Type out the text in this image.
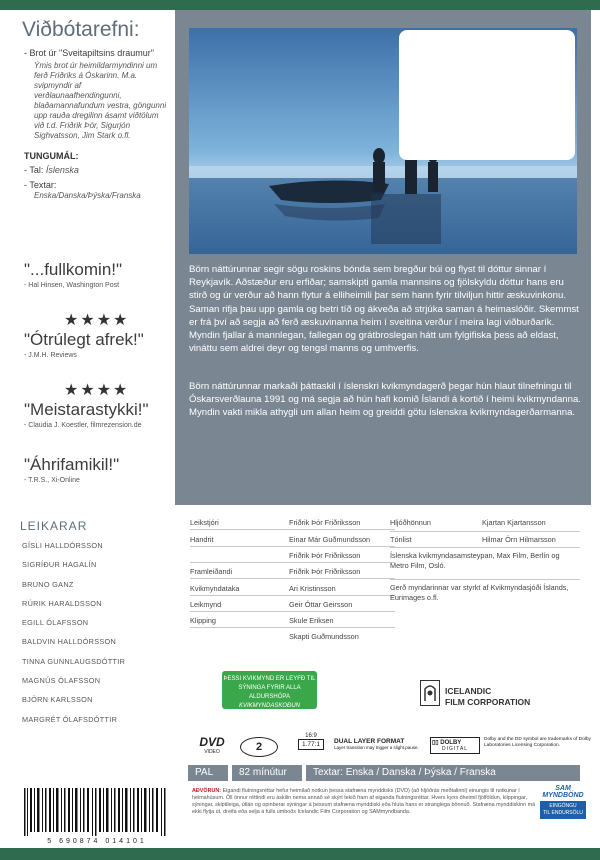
Viðbótarefni:
- Brot úr "Sveitapiltsins draumur"
Ýmis brot úr heimildarmyndinni um ferð Friðriks á Óskarinn. M.a. svipmyndir af verðlaunaafhendingunni, blaðamannafundum vestra, göngunni upp rauða dregilinn ásamt viðtölum við t.d. Friðrik Þór, Sigurjón Sighvatsson, Jim Stark o.fl.
TUNGUMÁL:
- Tal: Íslenska
- Textar:
Enska/Danska/Þýska/Franska
"...fullkomin!"
- Hal Hinsen, Washington Post
★★★★
"Ótrúlegt afrek!"
- J.M.H. Reviews
★★★★
"Meistarastykki!"
- Claudia J. Koestler, filmrezension.de
"Áhrifamikil!"
- T.R.S., Xi-Online
Börn náttúrunnar segir sögu roskins bónda sem bregður búi og flyst til dóttur sinnar í Reykjavík. Aðstæður eru erfiðar; samskipti gamla mannsins og fjölskyldu dóttur hans eru stirð og úr verður að hann flytur á elliheimili þar sem hann fyrir tilviljun hittir æskuvinkonu. Saman rifja þau upp gamla og betri tíð og ákveða að strjúka saman á heimaslóðir. Skemmst er frá því að segja að ferð æskuvinanna heim í sveitina verður í meira lagi viðburðarík. Myndin fjallar á mannlegan, fallegan og grátbroslegan hátt um fylgifiska þess að eldast, vináttu sem aldrei deyr og tengsl manns og umhverfis.
Börn náttúrunnar markaði þáttaskil í íslenskri kvikmyndagerð þegar hún hlaut tilnefningu til Óskarsverðlauna 1991 og má segja að hún hafi komið Íslandi á kortið í heimi kvikmyndanna. Myndin vakti mikla athygli um allan heim og greiddi götu íslenskra kvikmyndagerðarmanna.
LEIKARAR
GÍSLI HALLDÓRSSON
SIGRÍÐUR HAGALÍN
BRUNO GANZ
RÚRIK HARALDSSON
EGILL ÓLAFSSON
BALDVIN HALLDÓRSSON
TINNA GUNNLAUGSDÓTTIR
MAGNÚS ÓLAFSSON
BJÖRN KARLSSON
MARGRÉT ÓLAFSDÓTTIR
Leikstjóri	Friðrik Þór Friðriksson
Handrit	Einar Már Guðmundsson
Friðrik Þór Friðriksson
Framleiðandi	Friðrik Þór Friðriksson
Kvikmyndataka	Ari Kristinsson
Leikmynd	Geir Óttar Geirsson
Klipping	Skule Eriksen
Skapti Guðmundsson
Hljóðhönnun	Kjartan Kjartansson
Tónlist	Hilmar Örn Hilmarsson
Íslenska kvikmyndasamsteypan, Max Film, Berlín og Metro Film, Osló.
Gerð myndarinnar var styrkt af Kvikmyndasjóði Íslands, Eurimages o.fl.
ÞESSI KVIKMYND ER LEYFÐ TIL
SÝNINGA FYRIR ALLA ALDURSHÓPA
KVIKMYNDASKOÐUN
ICELANDIC
FILM CORPORATION
DVD
VIDEO	2
16:9
1.77:1	DUAL LAYER FORMAT
Layer transition may trigger a slight pause.
▯▯ DOLBY
DIGITAL
Dolby and the DD symbol are trademarks of Dolby Laboratories Licensing Corporation.
PAL	82 mínútur	Textar: Enska / Danska / Þýska / Franska
AÐVÖRUN: Eigandi flutningsréttar hefur heimilað notkun þessa stafræna mynddisks (DVD) (að hljóðrás meðtalinni) einungis til notkunar í heimahúsum. Öll önnur réttindi eru áskilin nema annað sé skýrt tekið fram af eiganda flutningsréttar. Hvers kyns óheimil fjölföldun, klippingar, sýningar, skiptileiga, útlán og opinberar sýningar á þessum stafræna mynddiski eða hluta hans er stranglega bönnuð. Stafræna mynddiskinn má ekki flytja út, dreifa eða selja á fulls umboðs Icelandic Film Corporation og SAMmyndbanda.
SAM MYNDBÖND
EINGÖNGU
TIL ENDURSÖLU
5 690874 014101
